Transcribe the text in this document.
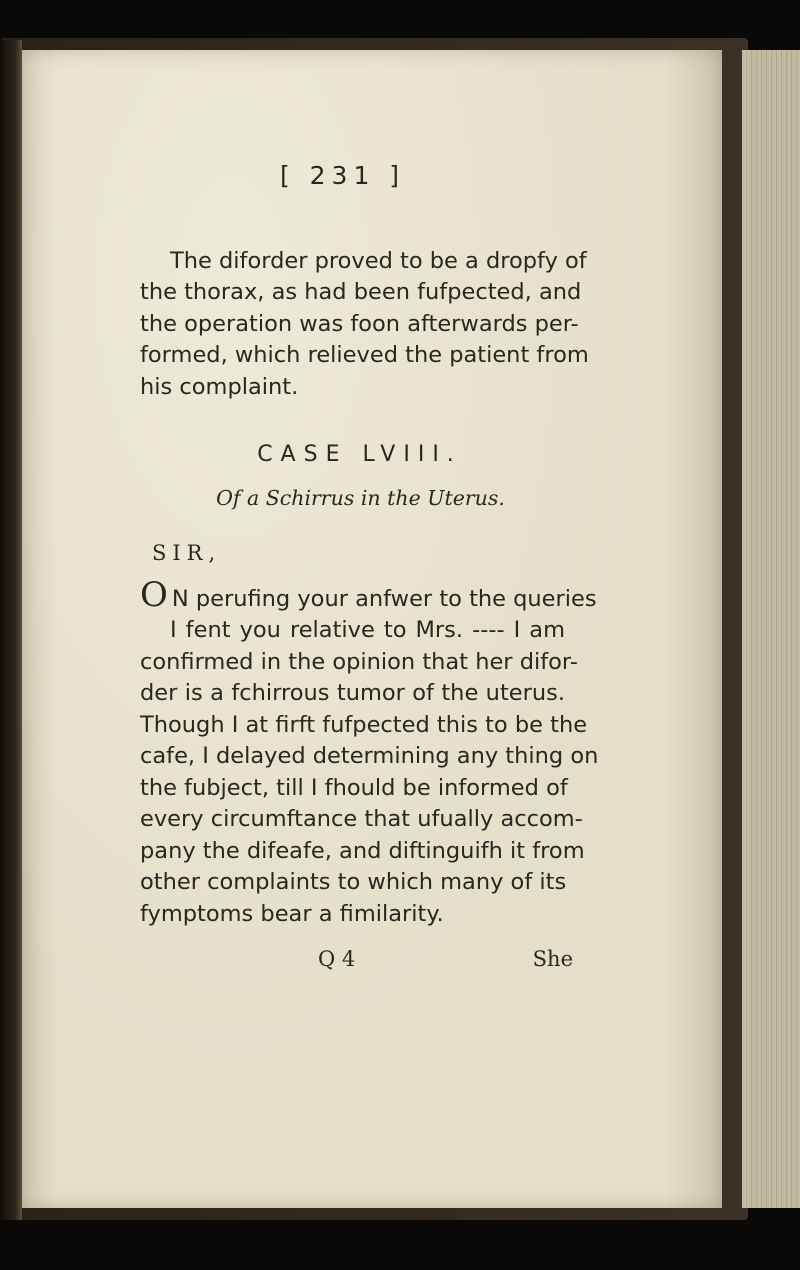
[ 231 ]
The diforder proved to be a dropfy of
the thorax, as had been fufpected, and
the operation was foon afterwards per-
formed, which relieved the patient from
his complaint.
CASE LVIII.
Of a Schirrus in the Uterus.
SIR,
O N perufing your anfwer to the queries
I fent you relative to Mrs. ---- I am
confirmed in the opinion that her difor-
der is a fchirrous tumor of the uterus.
Though I at firft fufpected this to be the
cafe, I delayed determining any thing on
the fubject, till I fhould be informed of
every circumftance that ufually accom-
pany the difeafe, and diftinguifh it from
other complaints to which many of its
fymptoms bear a fimilarity.
Q 4	She
